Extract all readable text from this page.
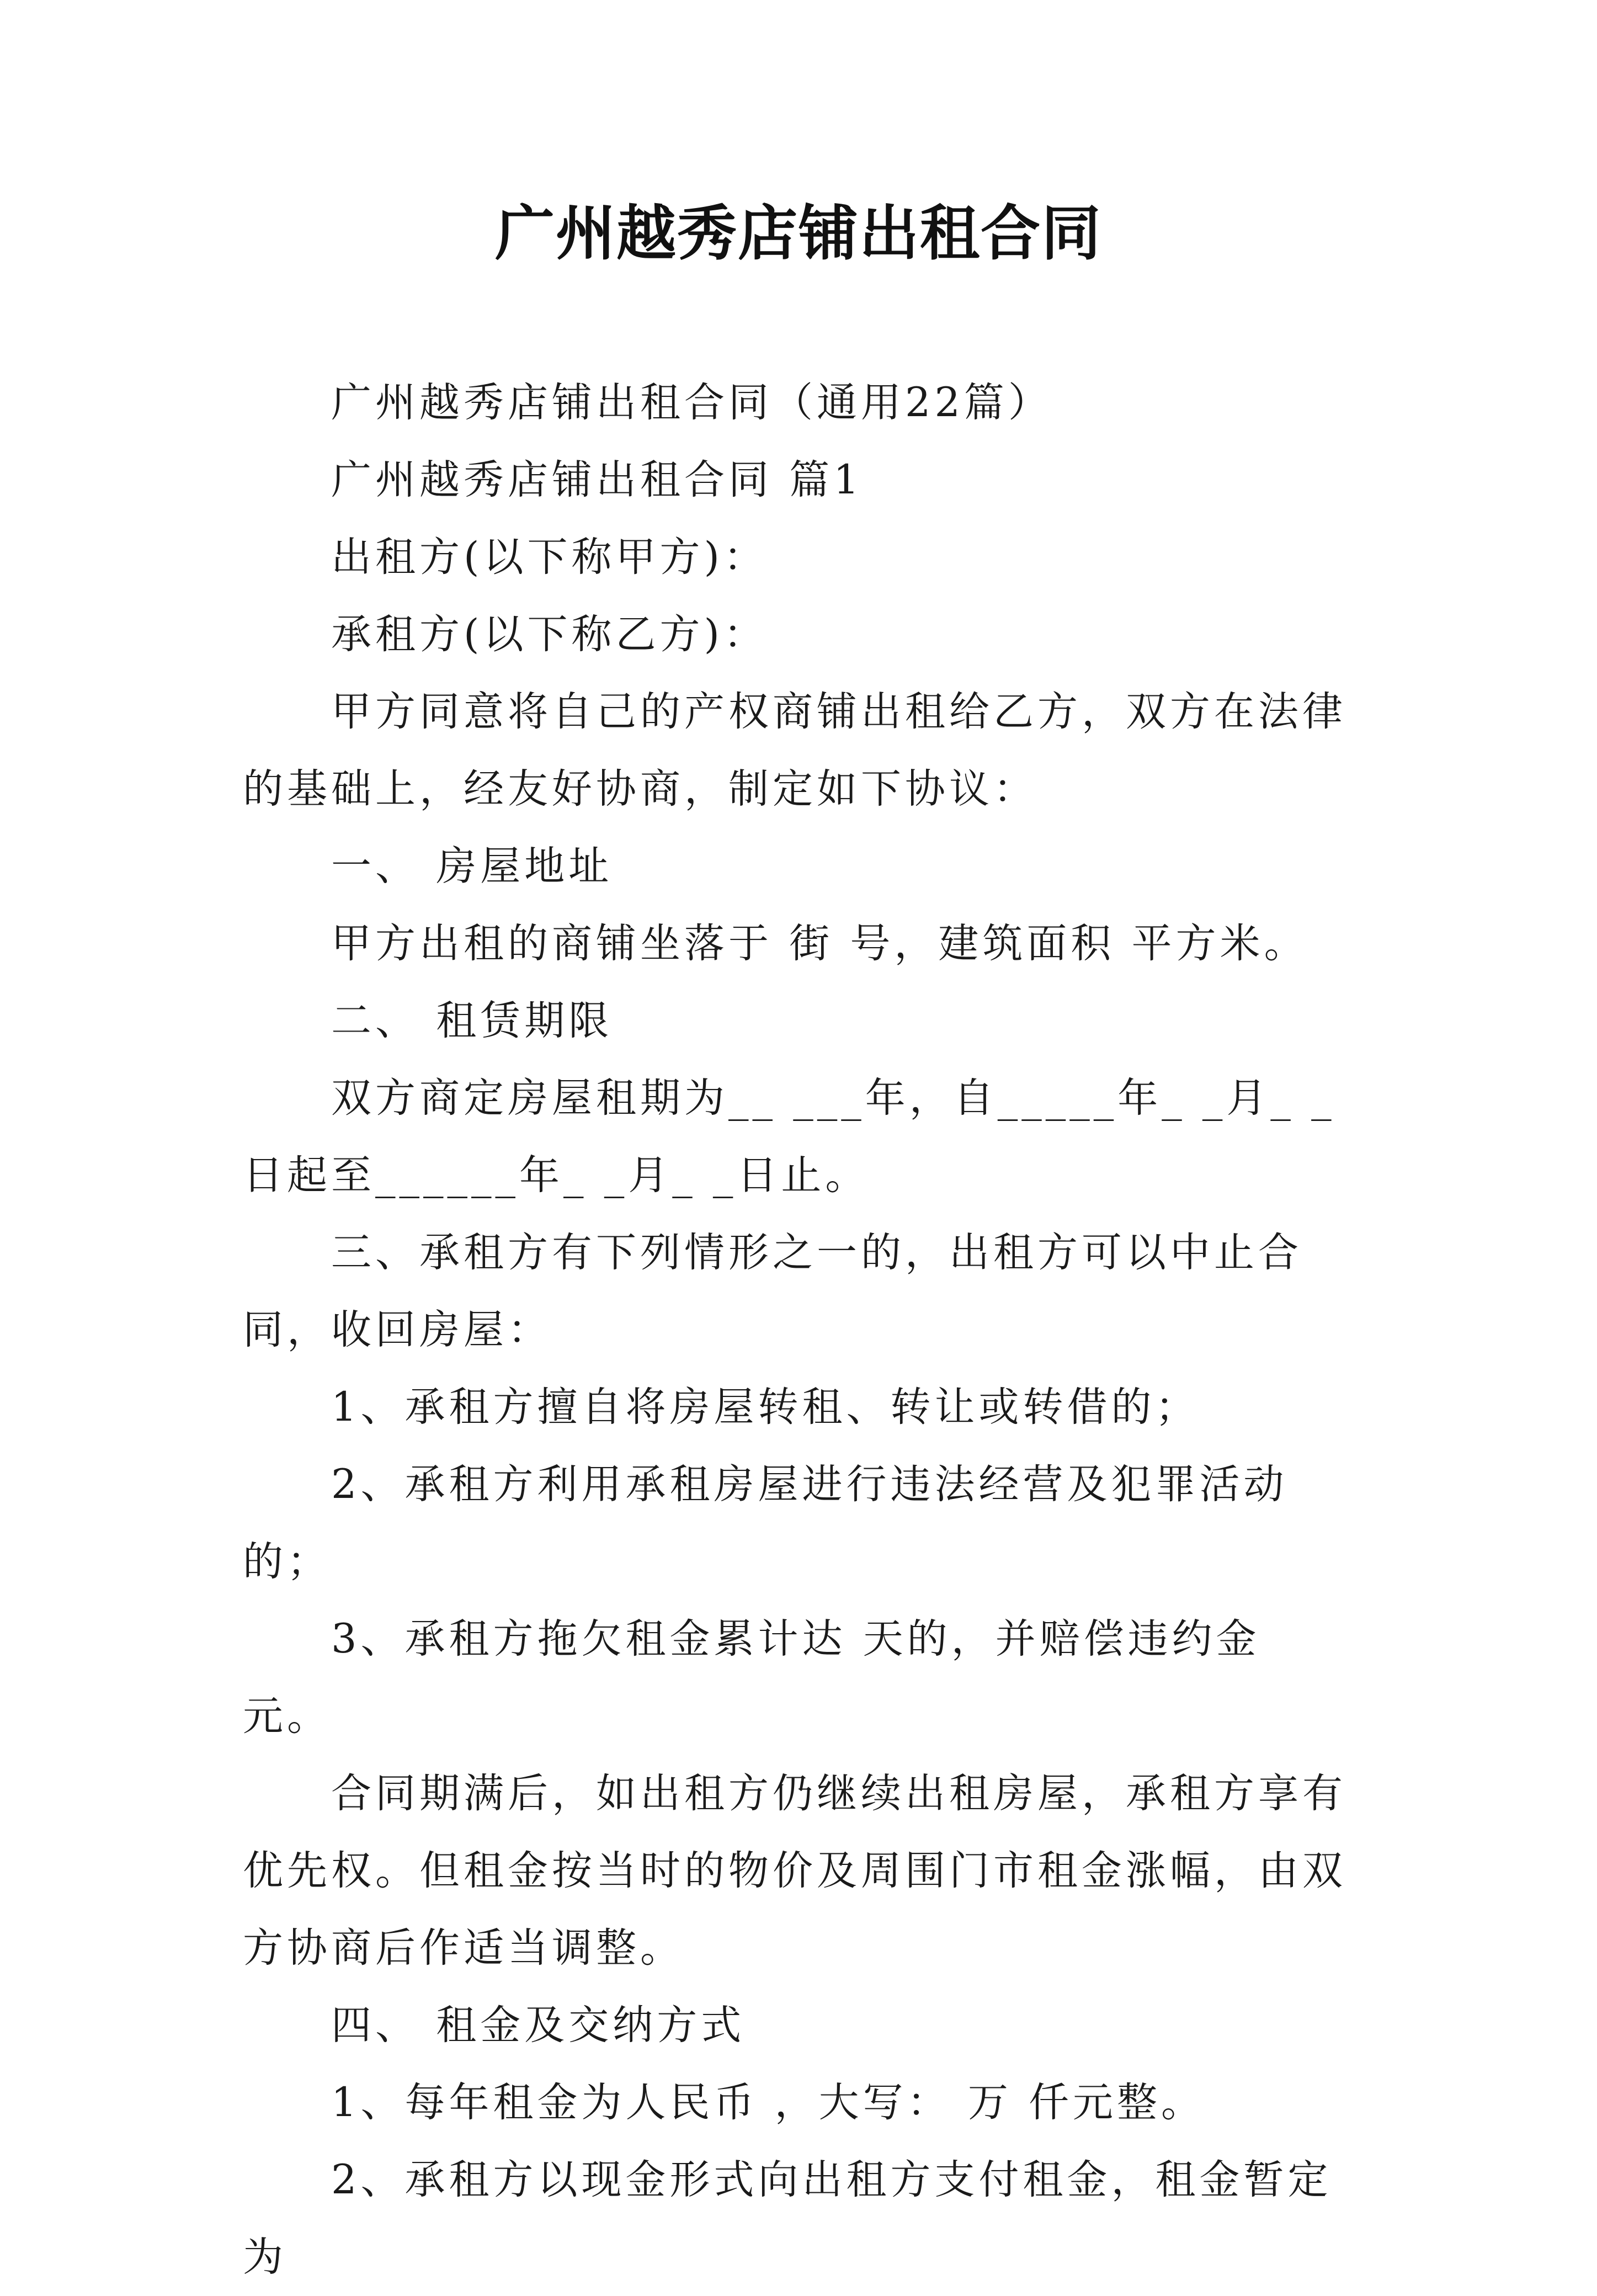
广州越秀店铺出租合同

广州越秀店铺出租合同（通用22篇）

广州越秀店铺出租合同 篇1

出租方(以下称甲方)：

承租方(以下称乙方)：

甲方同意将自己的产权商铺出租给乙方，双方在法律的基础上，经友好协商，制定如下协议：

一、 房屋地址

甲方出租的商铺坐落于 街 号，建筑面积 平方米。

二、 租赁期限

双方商定房屋租期为__ ___年，自_____年_ _月_ _日起至______年_ _月_ _日止。

三、承租方有下列情形之一的，出租方可以中止合同，收回房屋：

1、承租方擅自将房屋转租、转让或转借的；

2、承租方利用承租房屋进行违法经营及犯罪活动的；

3、承租方拖欠租金累计达 天的，并赔偿违约金 元。

合同期满后，如出租方仍继续出租房屋，承租方享有优先权。但租金按当时的物价及周围门市租金涨幅，由双方协商后作适当调整。

四、 租金及交纳方式

1、每年租金为人民币 ，大写： 万 仟元整。

2、承租方以现金形式向出租方支付租金，租金暂定为
